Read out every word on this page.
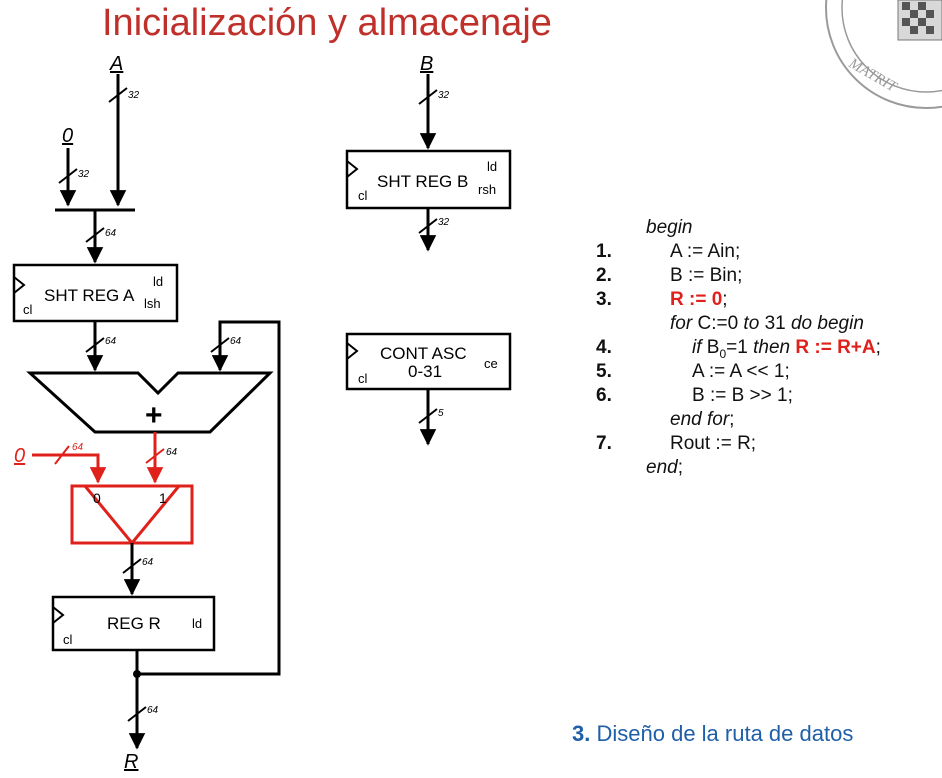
Inicialización y almacenaje
MATRIT
A
32
0
32
64
cl
SHT REG A lsh
ld
64	64
+
64
0	64
0	1
64
cl
REG R ld
64
R
B
32
cl
SHT REG B rsh
ld
32
cl
CONT ASC
0-31	ce
5
begin
1.	A := Ain;
2.	B := Bin;
3.	R := 0;
for C:=0 to 31 do begin
4.	if $B_0=1$ then R := R+A;
5.	A := A << 1;
6.	B := B >> 1;
end for;
7.	Rout := R;
end;
3. Diseño de la ruta de datos
